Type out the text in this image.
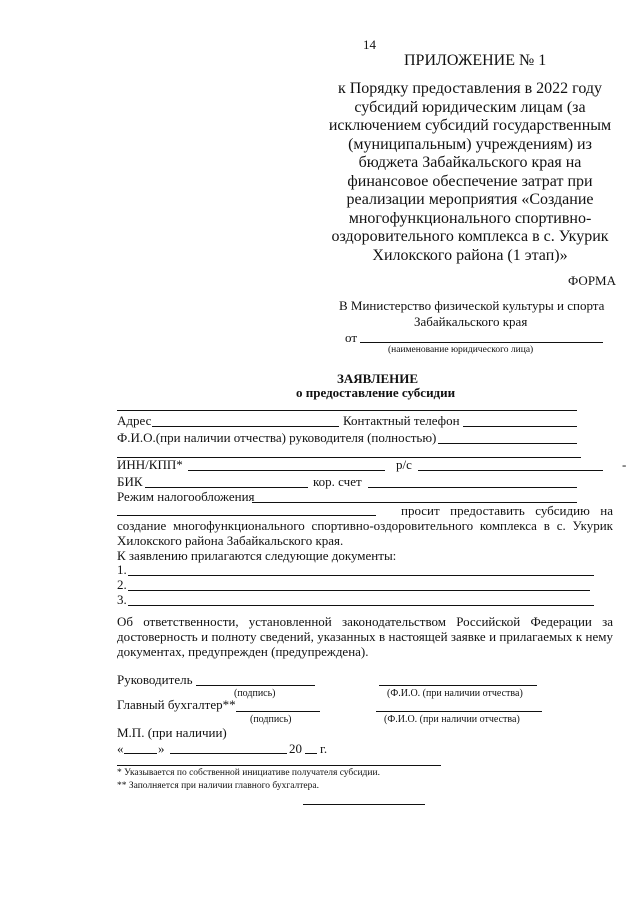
14
ПРИЛОЖЕНИЕ № 1
к Порядку предоставления в 2022 году
субсидий юридическим лицам (за
исключением субсидий государственным
(муниципальным) учреждениям) из
бюджета Забайкальского края на
финансовое обеспечение затрат при
реализации мероприятия «Создание
многофункционального спортивно-
оздоровительного комплекса в с. Укурик
Хилокского района (1 этап)»
ФОРМА
В Министерство физической культуры и спорта
Забайкальского края
от
(наименование юридического лица)
ЗАЯВЛЕНИЕ
о предоставление субсидии
Адрес	Контактный телефон
Ф.И.О.(при наличии отчества) руководителя (полностью)
ИНН/КПП*	р/с	-
БИК	кор. счет
Режим налогообложения
просит предоставить субсидию на
создание многофункционального спортивно-оздоровительного комплекса в с. Укурик
Хилокского района Забайкальского края.
К заявлению прилагаются следующие документы:
1.
2.
3.
Об ответственности, установленной законодательством Российской Федерации за
достоверность и полноту сведений, указанных в настоящей заявке и прилагаемых к нему
документах, предупрежден (предупреждена).
Руководитель
(подпись)	(Ф.И.О. (при наличии отчества)
Главный бухгалтер**
(подпись)	(Ф.И.О. (при наличии отчества)
М.П. (при наличии)
«	»	20 г.
* Указывается по собственной инициативе получателя субсидии.
** Заполняется при наличии главного бухгалтера.
